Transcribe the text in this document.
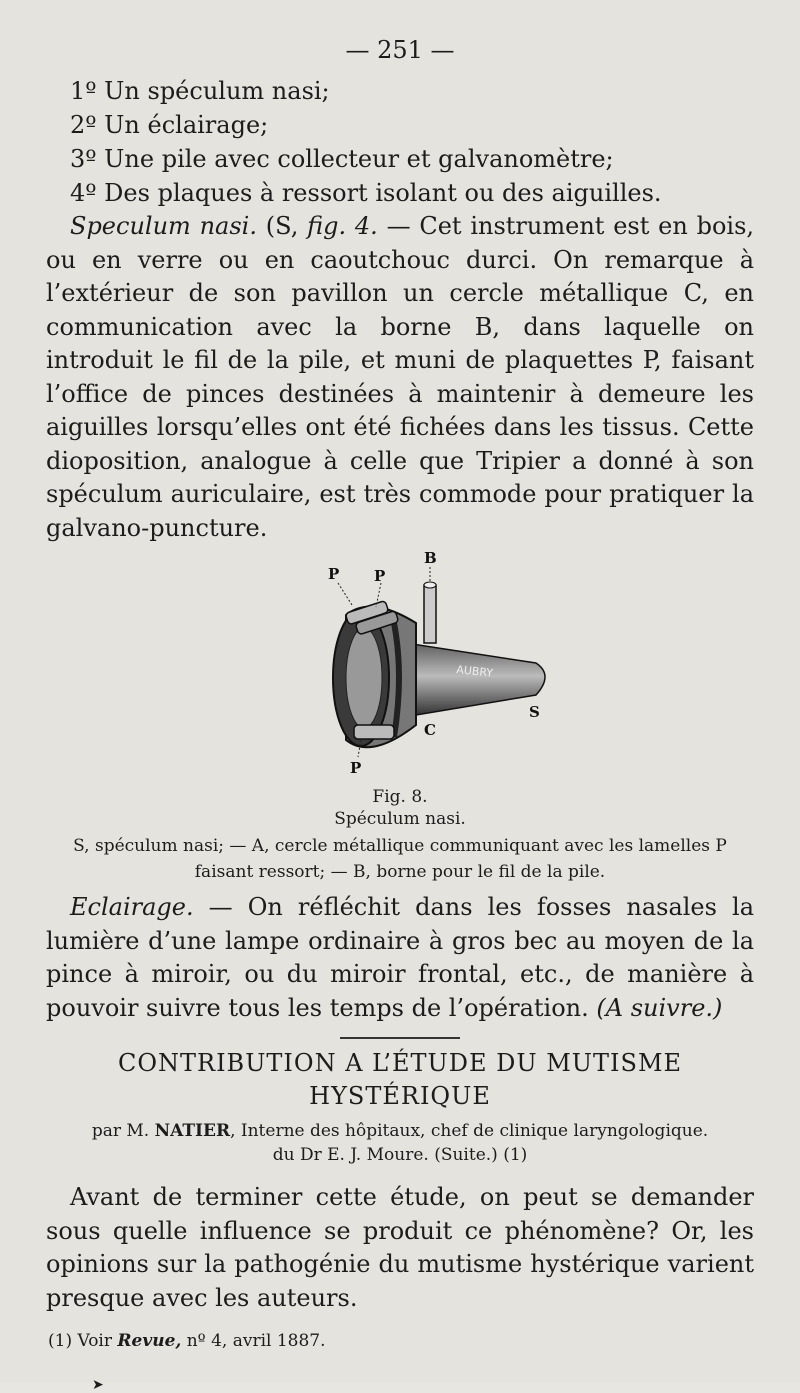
— 251 —
1º Un spéculum nasi;
2º Un éclairage;
3º Une pile avec collecteur et galvanomètre;
4º Des plaques à ressort isolant ou des aiguilles.

Speculum nasi. (S, fig. 4. — Cet instrument est en bois, ou en verre ou en caoutchouc durci. On remarque à l’extérieur de son pavillon un cercle métallique C, en communication avec la borne B, dans laquelle on introduit le fil de la pile, et muni de plaquettes P, faisant l’office de pinces destinées à maintenir à demeure les aiguilles lorsqu’elles ont été fichées dans les tissus. Cette dioposition, analogue à celle que Tripier a donné à son spéculum auriculaire, est très commode pour pratiquer la galvano-puncture.

AUBRY
B
P P
P
C
S
Fig. 8.
Spéculum nasi.
S, spéculum nasi; — A, cercle métallique communiquant avec les lamelles P
faisant ressort; — B, borne pour le fil de la pile.

Eclairage. — On réfléchit dans les fosses nasales la lumière d’une lampe ordinaire à gros bec au moyen de la pince à miroir, ou du miroir frontal, etc., de manière à pouvoir suivre tous les temps de l’opération. (A suivre.)

CONTRIBUTION A L’ÉTUDE DU MUTISME
HYSTÉRIQUE
par M. NATIER, Interne des hôpitaux, chef de clinique laryngologique.
du Dr E. J. Moure. (Suite.) (1)

Avant de terminer cette étude, on peut se demander sous quelle influence se produit ce phénomène? Or, les opinions sur la pathogénie du mutisme hystérique varient presque avec les auteurs.

(1) Voir Revue, nº 4, avril 1887.
➤
